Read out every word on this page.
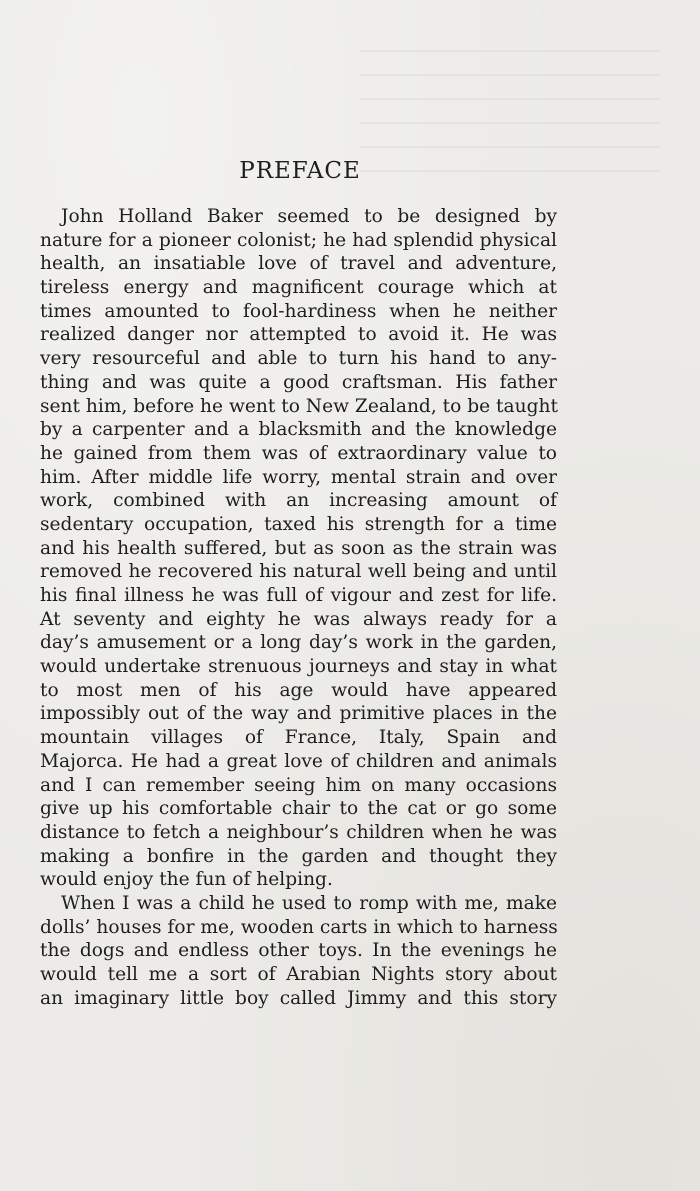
PREFACE
John Holland Baker seemed to be designed by
nature for a pioneer colonist; he had splendid physical
health, an insatiable love of travel and adventure,
tireless energy and magnificent courage which at
times amounted to fool-hardiness when he neither
realized danger nor attempted to avoid it. He was
very resourceful and able to turn his hand to any-
thing and was quite a good craftsman. His father
sent him, before he went to New Zealand, to be taught
by a carpenter and a blacksmith and the knowledge
he gained from them was of extraordinary value to
him. After middle life worry, mental strain and over
work, combined with an increasing amount of
sedentary occupation, taxed his strength for a time
and his health suffered, but as soon as the strain was
removed he recovered his natural well being and until
his final illness he was full of vigour and zest for life.
At seventy and eighty he was always ready for a
day’s amusement or a long day’s work in the garden,
would undertake strenuous journeys and stay in what
to most men of his age would have appeared
impossibly out of the way and primitive places in the
mountain villages of France, Italy, Spain and
Majorca. He had a great love of children and animals
and I can remember seeing him on many occasions
give up his comfortable chair to the cat or go some
distance to fetch a neighbour’s children when he was
making a bonfire in the garden and thought they
would enjoy the fun of helping.
When I was a child he used to romp with me, make
dolls’ houses for me, wooden carts in which to harness
the dogs and endless other toys. In the evenings he
would tell me a sort of Arabian Nights story about
an imaginary little boy called Jimmy and this story
